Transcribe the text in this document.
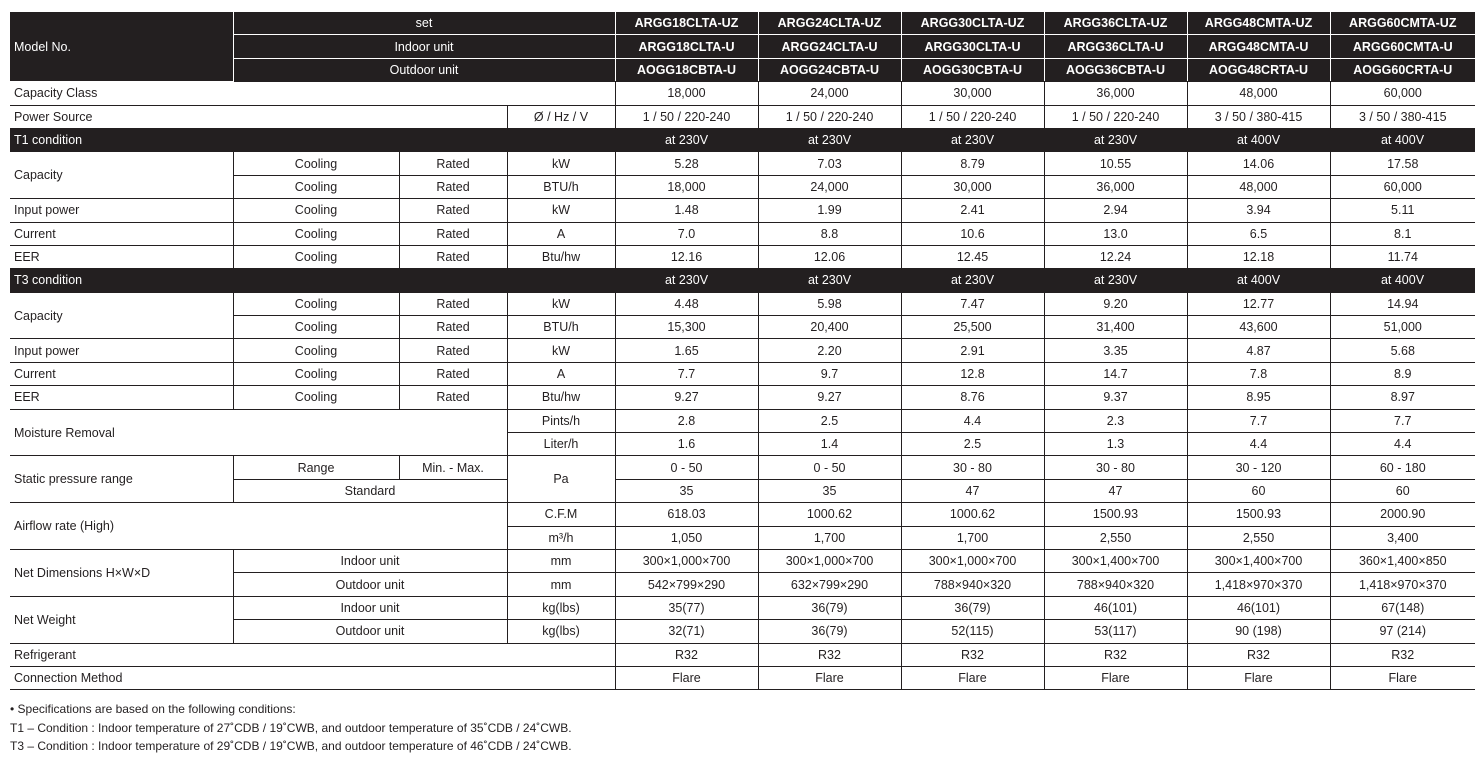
Model No.	set			ARGG18CLTA-UZ	ARGG24CLTA-UZ	ARGG30CLTA-UZ	ARGG36CLTA-UZ	ARGG48CMTA-UZ	ARGG60CMTA-UZ
	Indoor unit			ARGG18CLTA-U	ARGG24CLTA-U	ARGG30CLTA-U	ARGG36CLTA-U	ARGG48CMTA-U	ARGG60CMTA-U
	Outdoor unit			AOGG18CBTA-U	AOGG24CBTA-U	AOGG30CBTA-U	AOGG36CBTA-U	AOGG48CRTA-U	AOGG60CRTA-U
Capacity Class				18,000	24,000	30,000	36,000	48,000	60,000
Power Source			Ø / Hz / V	1 / 50 / 220-240	1 / 50 / 220-240	1 / 50 / 220-240	1 / 50 / 220-240	3 / 50 / 380-415	3 / 50 / 380-415
T1 condition				at 230V	at 230V	at 230V	at 230V	at 400V	at 400V
Capacity	Cooling	Rated	kW	5.28	7.03	8.79	10.55	14.06	17.58
	Cooling	Rated	BTU/h	18,000	24,000	30,000	36,000	48,000	60,000
Input power	Cooling	Rated	kW	1.48	1.99	2.41	2.94	3.94	5.11
Current	Cooling	Rated	A	7.0	8.8	10.6	13.0	6.5	8.1
EER	Cooling	Rated	Btu/hw	12.16	12.06	12.45	12.24	12.18	11.74
T3 condition				at 230V	at 230V	at 230V	at 230V	at 400V	at 400V
Capacity	Cooling	Rated	kW	4.48	5.98	7.47	9.20	12.77	14.94
	Cooling	Rated	BTU/h	15,300	20,400	25,500	31,400	43,600	51,000
Input power	Cooling	Rated	kW	1.65	2.20	2.91	3.35	4.87	5.68
Current	Cooling	Rated	A	7.7	9.7	12.8	14.7	7.8	8.9
EER	Cooling	Rated	Btu/hw	9.27	9.27	8.76	9.37	8.95	8.97
Moisture Removal			Pints/h	2.8	2.5	4.4	2.3	7.7	7.7
			Liter/h	1.6	1.4	2.5	1.3	4.4	4.4
Static pressure range	Range	Min. - Max.	Pa	0 - 50	0 - 50	30 - 80	30 - 80	30 - 120	60 - 180
	Standard			35	35	47	47	60	60
Airflow rate (High)			C.F.M	618.03	1000.62	1000.62	1500.93	1500.93	2000.90
			m³/h	1,050	1,700	1,700	2,550	2,550	3,400
Net Dimensions H×W×D	Indoor unit		mm	300×1,000×700	300×1,000×700	300×1,000×700	300×1,400×700	300×1,400×700	360×1,400×850
	Outdoor unit		mm	542×799×290	632×799×290	788×940×320	788×940×320	1,418×970×370	1,418×970×370
Net Weight	Indoor unit		kg(lbs)	35(77)	36(79)	36(79)	46(101)	46(101)	67(148)
	Outdoor unit		kg(lbs)	32(71)	36(79)	52(115)	53(117)	90 (198)	97 (214)
Refrigerant				R32	R32	R32	R32	R32	R32
Connection Method				Flare	Flare	Flare	Flare	Flare	Flare
• Specifications are based on the following conditions:
T1 – Condition : Indoor temperature of 27˚CDB / 19˚CWB, and outdoor temperature of 35˚CDB / 24˚CWB.
T3 – Condition : Indoor temperature of 29˚CDB / 19˚CWB, and outdoor temperature of 46˚CDB / 24˚CWB.
